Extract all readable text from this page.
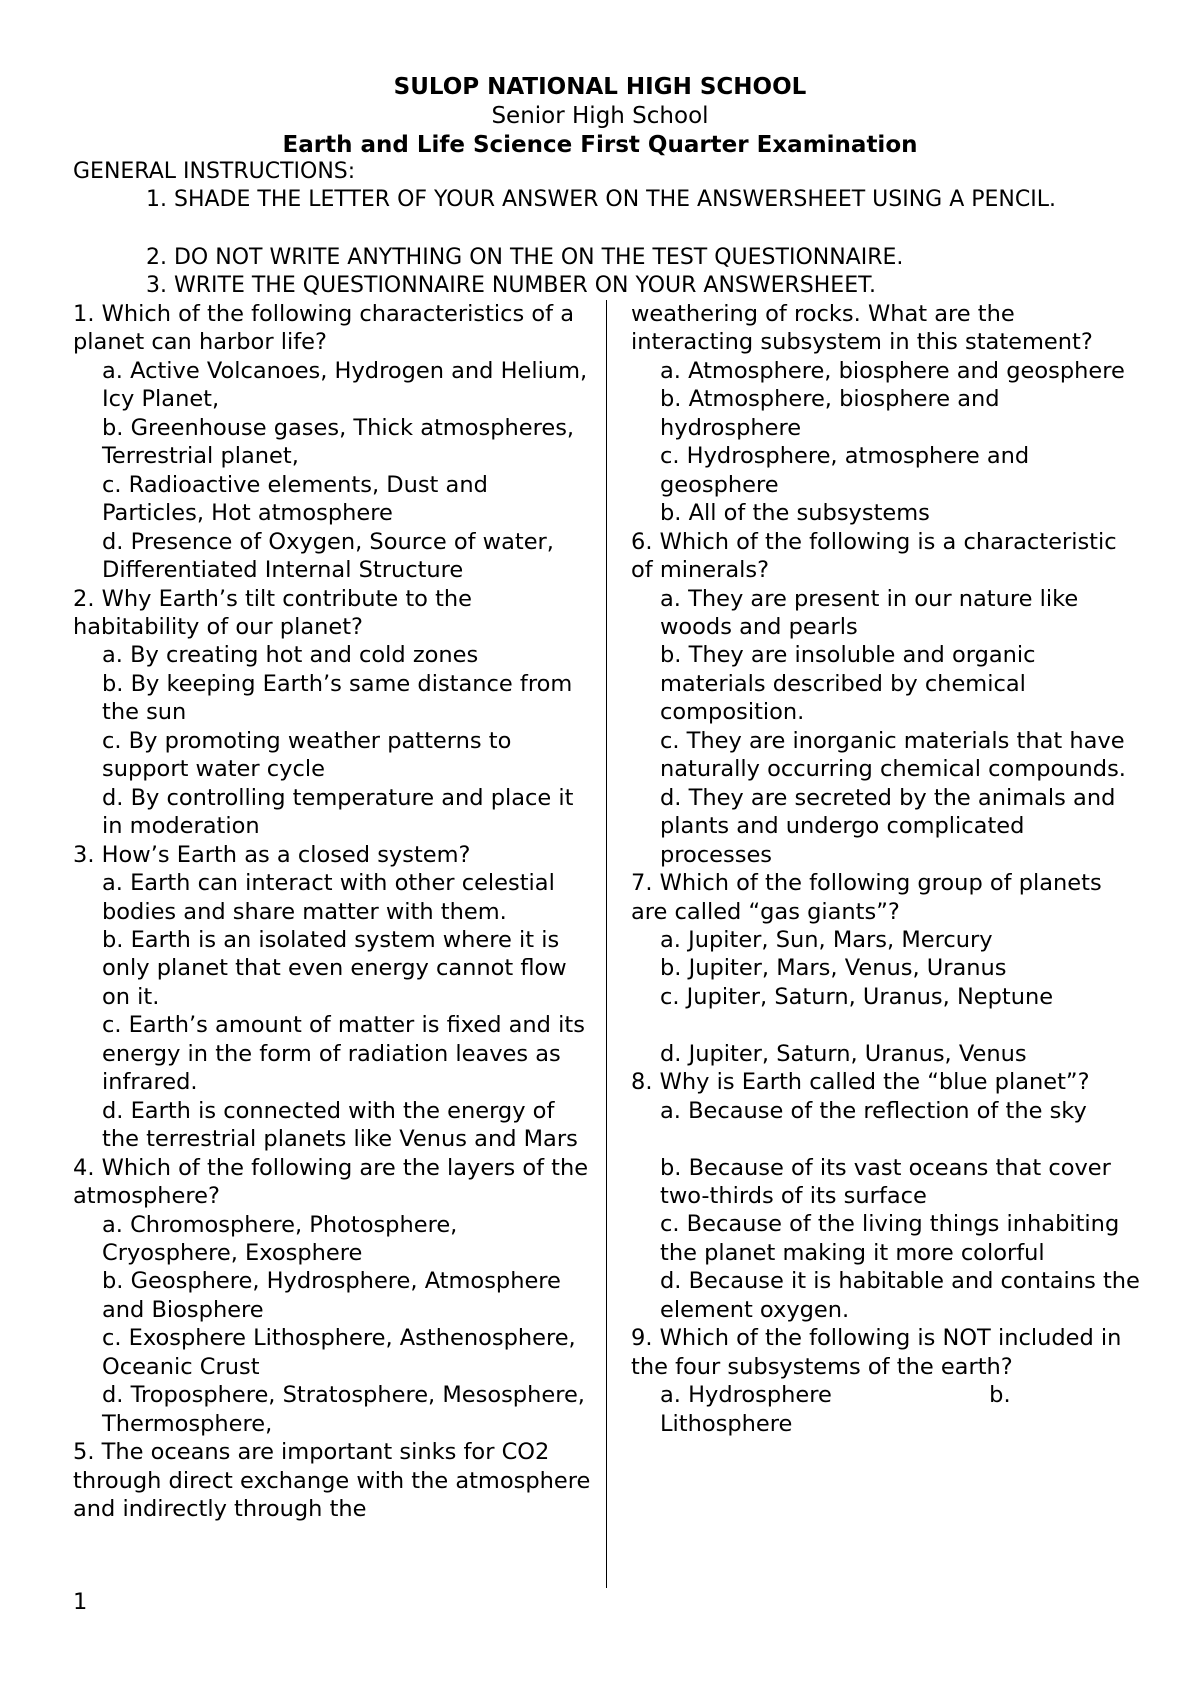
SULOP NATIONAL HIGH SCHOOL
Senior High School
Earth and Life Science First Quarter Examination
GENERAL INSTRUCTIONS:
1. SHADE THE LETTER OF YOUR ANSWER ON THE ANSWERSHEET USING A PENCIL.
2. DO NOT WRITE ANYTHING ON THE ON THE TEST QUESTIONNAIRE.
3. WRITE THE QUESTIONNAIRE NUMBER ON YOUR ANSWERSHEET.

1. Which of the following characteristics of a planet can harbor life?

a. Active Volcanoes, Hydrogen and Helium, Icy Planet,

b. Greenhouse gases, Thick atmospheres, Terrestrial planet,

c. Radioactive elements, Dust and Particles, Hot atmosphere

d. Presence of Oxygen, Source of water, Differentiated Internal Structure

2. Why Earth’s tilt contribute to the habitability of our planet?

a. By creating hot and cold zones

b. By keeping Earth’s same distance from the sun

c. By promoting weather patterns to support water cycle

d. By controlling temperature and place it in moderation

3. How’s Earth as a closed system?

a. Earth can interact with other celestial bodies and share matter with them.

b. Earth is an isolated system where it is only planet that even energy cannot flow on it.

c. Earth’s amount of matter is fixed and its energy in the form of radiation leaves as infrared.

d. Earth is connected with the energy of the terrestrial planets like Venus and Mars

4. Which of the following are the layers of the atmosphere?

a. Chromosphere, Photosphere, Cryosphere, Exosphere

b. Geosphere, Hydrosphere, Atmosphere and Biosphere

c. Exosphere Lithosphere, Asthenosphere, Oceanic Crust

d. Troposphere, Stratosphere, Mesosphere, Thermosphere,

5. The oceans are important sinks for CO2 through direct exchange with the atmosphere and indirectly through the

weathering of rocks. What are the interacting subsystem in this statement?

a. Atmosphere, biosphere and geosphere

b. Atmosphere, biosphere and hydrosphere

c. Hydrosphere, atmosphere and geosphere

b. All of the subsystems

6. Which of the following is a characteristic of minerals?

a. They are present in our nature like woods and pearls

b. They are insoluble and organic materials described by chemical composition.

c. They are inorganic materials that have naturally occurring chemical compounds.

d. They are secreted by the animals and plants and undergo complicated processes

7. Which of the following group of planets are called “gas giants”?

a. Jupiter, Sun, Mars, Mercury

b. Jupiter, Mars, Venus, Uranus

c. Jupiter, Saturn, Uranus, Neptune

d. Jupiter, Saturn, Uranus, Venus

8. Why is Earth called the “blue planet”?

a. Because of the reflection of the sky

b. Because of its vast oceans that cover two-thirds of its surface

c. Because of the living things inhabiting the planet making it more colorful

d. Because it is habitable and contains the element oxygen.

9. Which of the following is NOT included in the four subsystems of the earth?

a. Hydrosphere                      b. Lithosphere

1
